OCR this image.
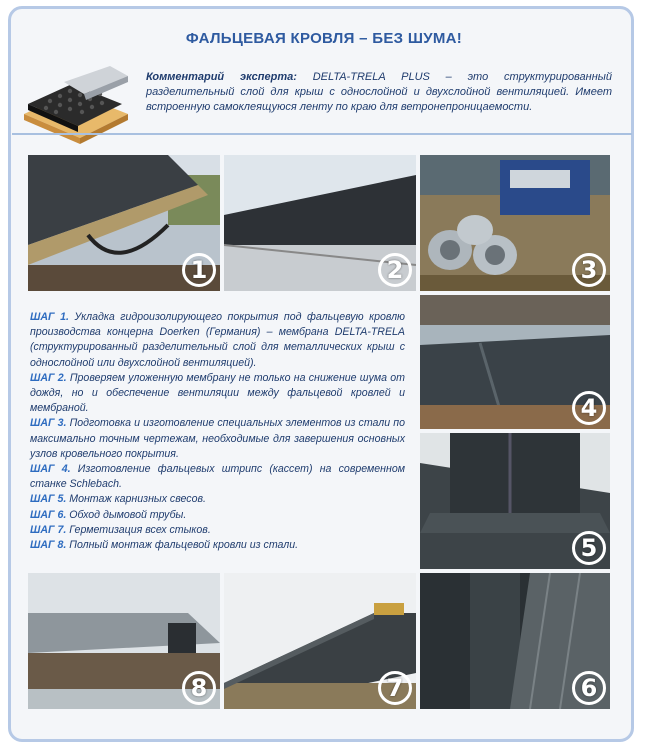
ФАЛЬЦЕВАЯ КРОВЛЯ – БЕЗ ШУМА!
Комментарий эксперта: DELTA-TRELA PLUS – это структурированный разделительный слой для крыш с однослойной и двухслойной вентиляцией. Имеет встроенную самоклеящуюся ленту по краю для ветронепроницаемости.
1	2	3
4
5
6
7
8

ШАГ 1. Укладка гидроизолирующего покрытия под фальцевую кровлю производства концерна Doerken (Германия) – мембрана DELTA-TRELA (структурированный разделительный слой для металлических крыш с однослойной или двухслойной вентиляцией).

ШАГ 2. Проверяем уложенную мембрану не только на снижение шума от дождя, но и обеспечение вентиляции между фальцевой кровлей и мембраной.

ШАГ 3. Подготовка и изготовление специальных элементов из стали по максимально точным чертежам, необходимые для завершения основных узлов кровельного покрытия.

ШАГ 4. Изготовление фальцевых штрипс (кассет) на современном станке Schlebach.

ШАГ 5. Монтаж карнизных свесов.

ШАГ 6. Обход дымовой трубы.

ШАГ 7. Герметизация всех стыков.

ШАГ 8. Полный монтаж фальцевой кровли из стали.
